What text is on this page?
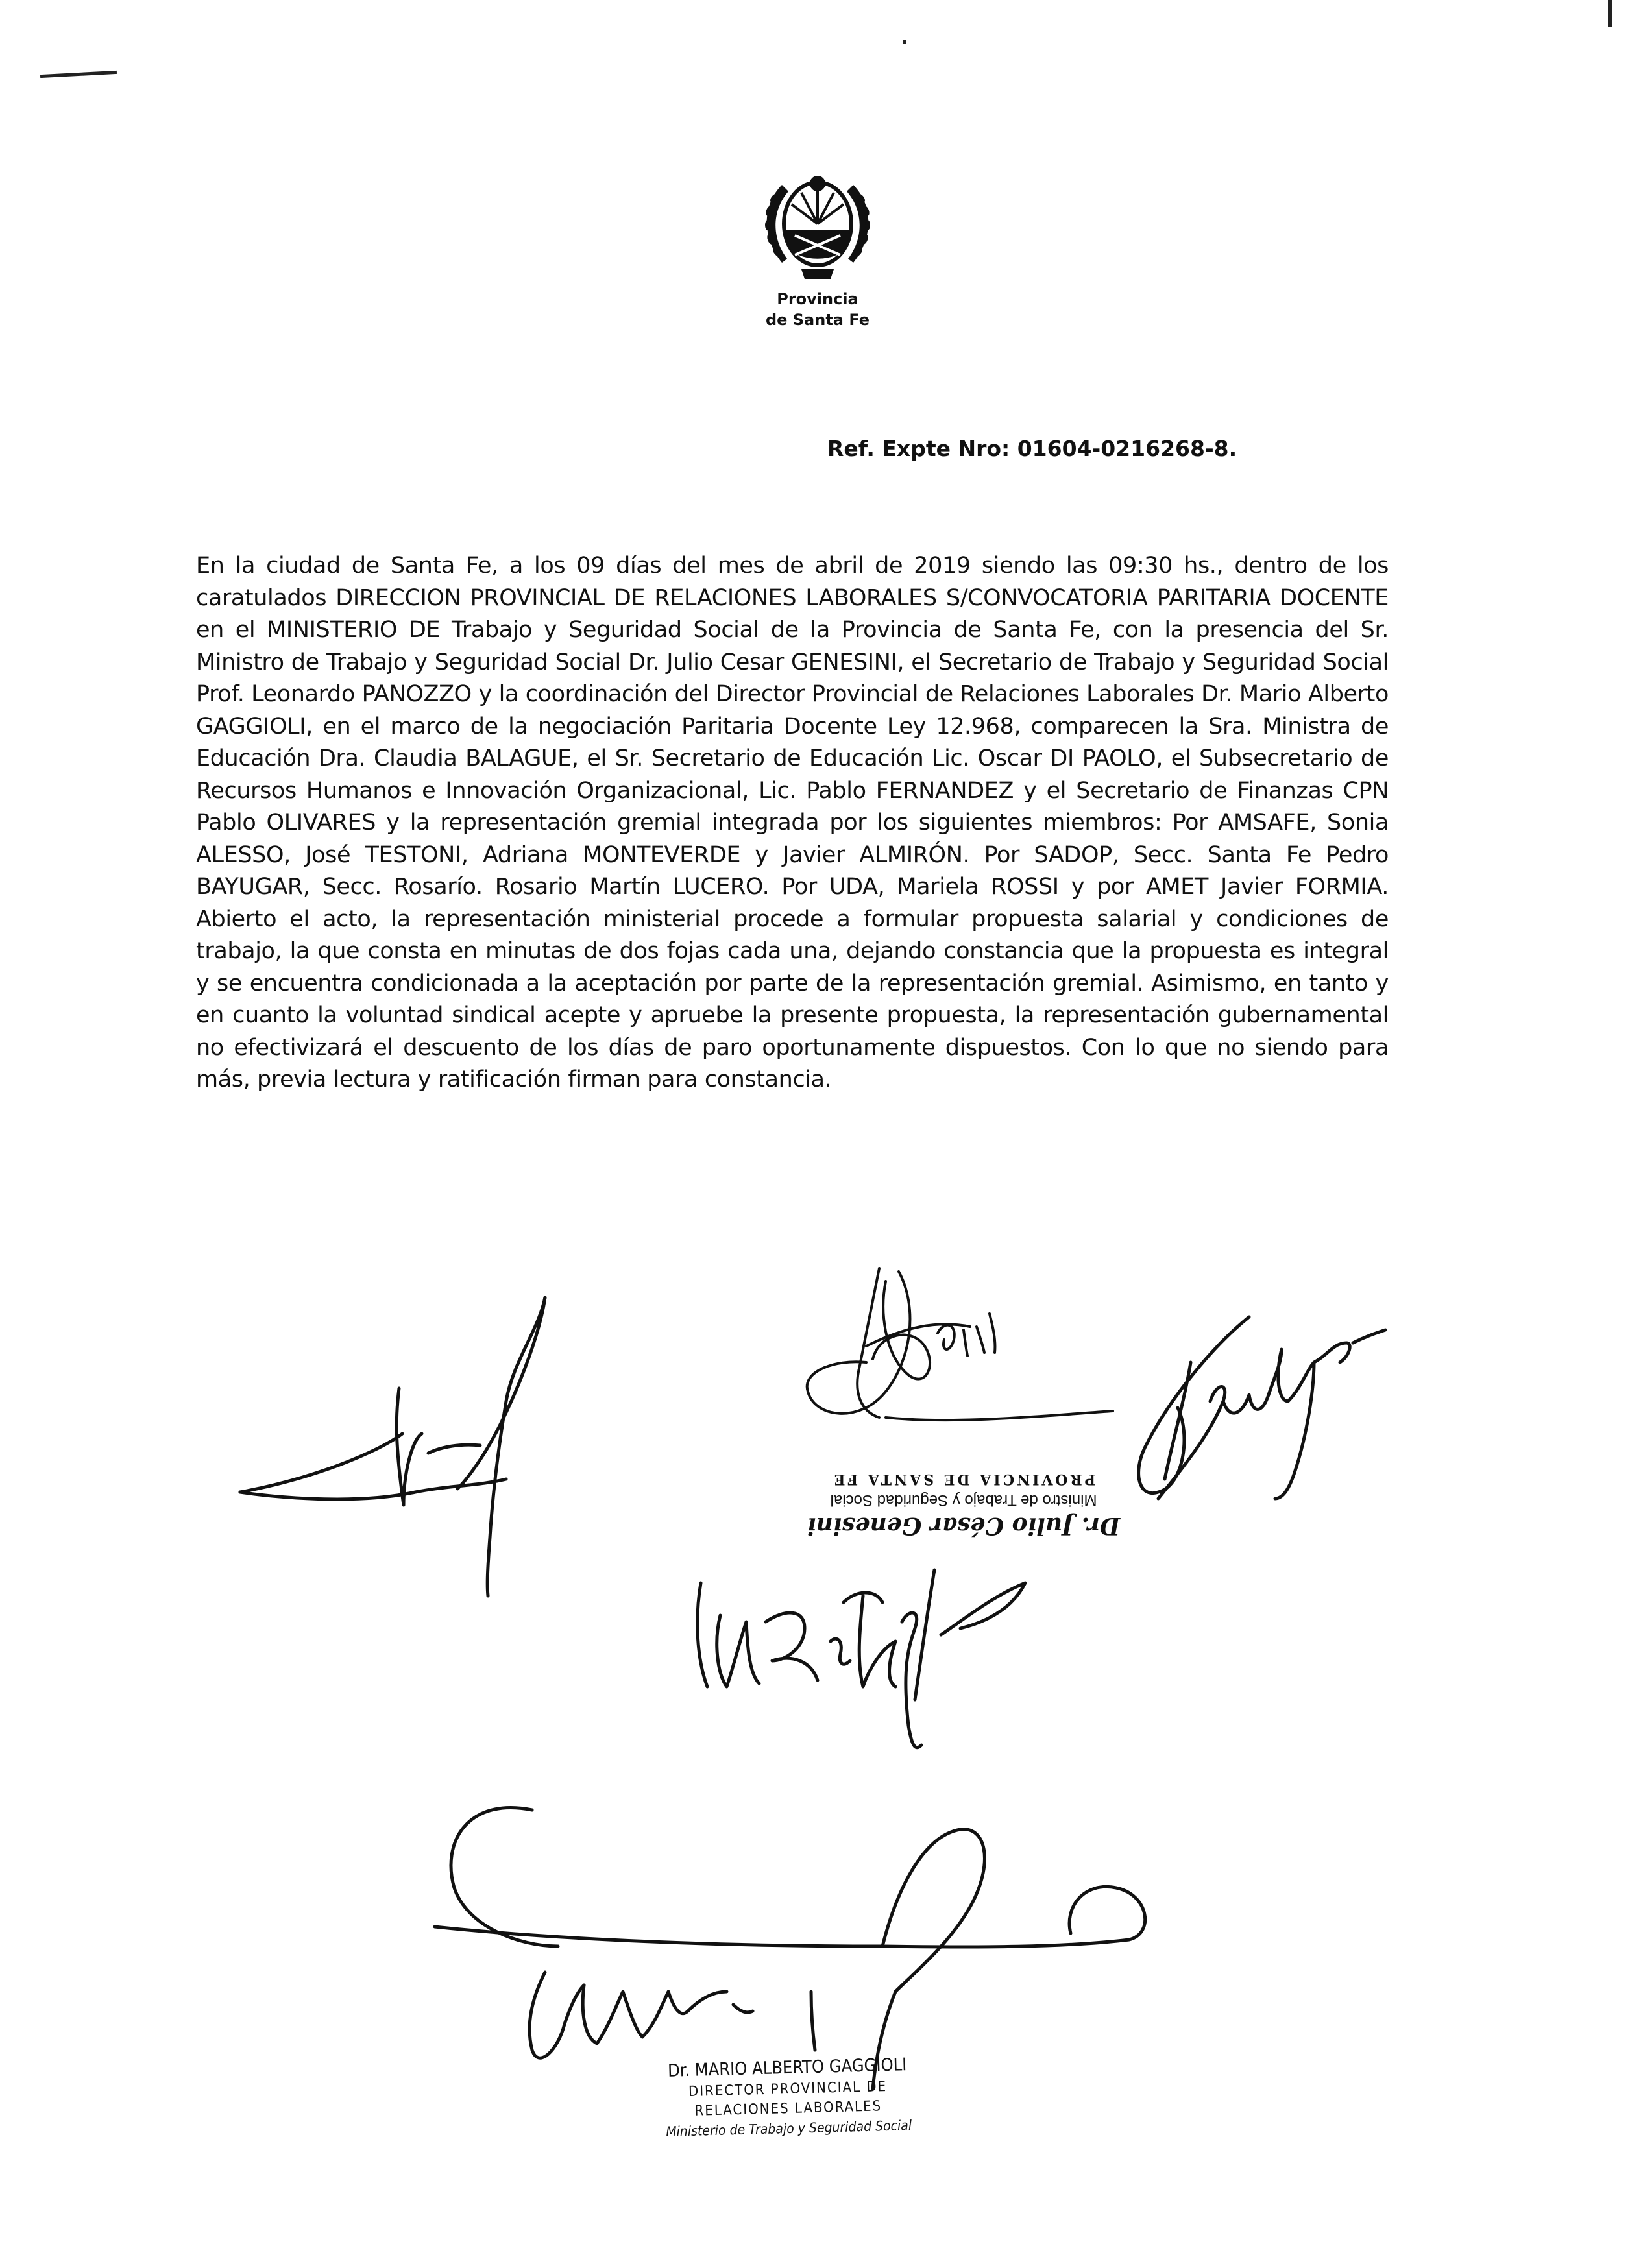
Provincia
de Santa Fe
Ref. Expte Nro: 01604-0216268-8.
En la ciudad de Santa Fe, a los 09 días del mes de abril de 2019 siendo las 09:30 hs., dentro de los caratulados DIRECCION PROVINCIAL DE RELACIONES LABORALES S/CONVOCATORIA PARITARIA DOCENTE en el MINISTERIO DE Trabajo y Seguridad Social de la Provincia de Santa Fe, con la presencia del Sr. Ministro de Trabajo y Seguridad Social Dr. Julio Cesar GENESINI, el Secretario de Trabajo y Seguridad Social Prof. Leonardo PANOZZO y la coordinación del Director Provincial de Relaciones Laborales Dr. Mario Alberto GAGGIOLI, en el marco de la negociación Paritaria Docente Ley 12.968, comparecen la Sra. Ministra de Educación Dra. Claudia BALAGUE, el Sr. Secretario de Educación Lic. Oscar DI PAOLO, el Subsecretario de Recursos Humanos e Innovación Organizacional, Lic. Pablo FERNANDEZ y el Secretario de Finanzas CPN Pablo OLIVARES y la representación gremial integrada por los siguientes miembros: Por AMSAFE, Sonia ALESSO, José TESTONI, Adriana MONTEVERDE y Javier ALMIRÓN. Por SADOP, Secc. Santa Fe Pedro BAYUGAR, Secc. Rosarío. Rosario Martín LUCERO. Por UDA, Mariela ROSSI y por AMET Javier FORMIA. Abierto el acto, la representación ministerial procede a formular propuesta salarial y condiciones de trabajo, la que consta en minutas de dos fojas cada una, dejando constancia que la propuesta es integral y se encuentra condicionada a la aceptación por parte de la representación gremial. Asimismo, en tanto y en cuanto la voluntad sindical acepte y apruebe la presente propuesta, la representación gubernamental no efectivizará el descuento de los días de paro oportunamente dispuestos. Con lo que no siendo para más, previa lectura y ratificación firman para constancia.
Dr. Julio César Genesini
Ministro de Trabajo y Seguridad Social
PROVINCIA DE SANTA FE
Dr. MARIO ALBERTO GAGGIOLI
DIRECTOR PROVINCIAL DE
RELACIONES LABORALES
Ministerio de Trabajo y Seguridad Social
